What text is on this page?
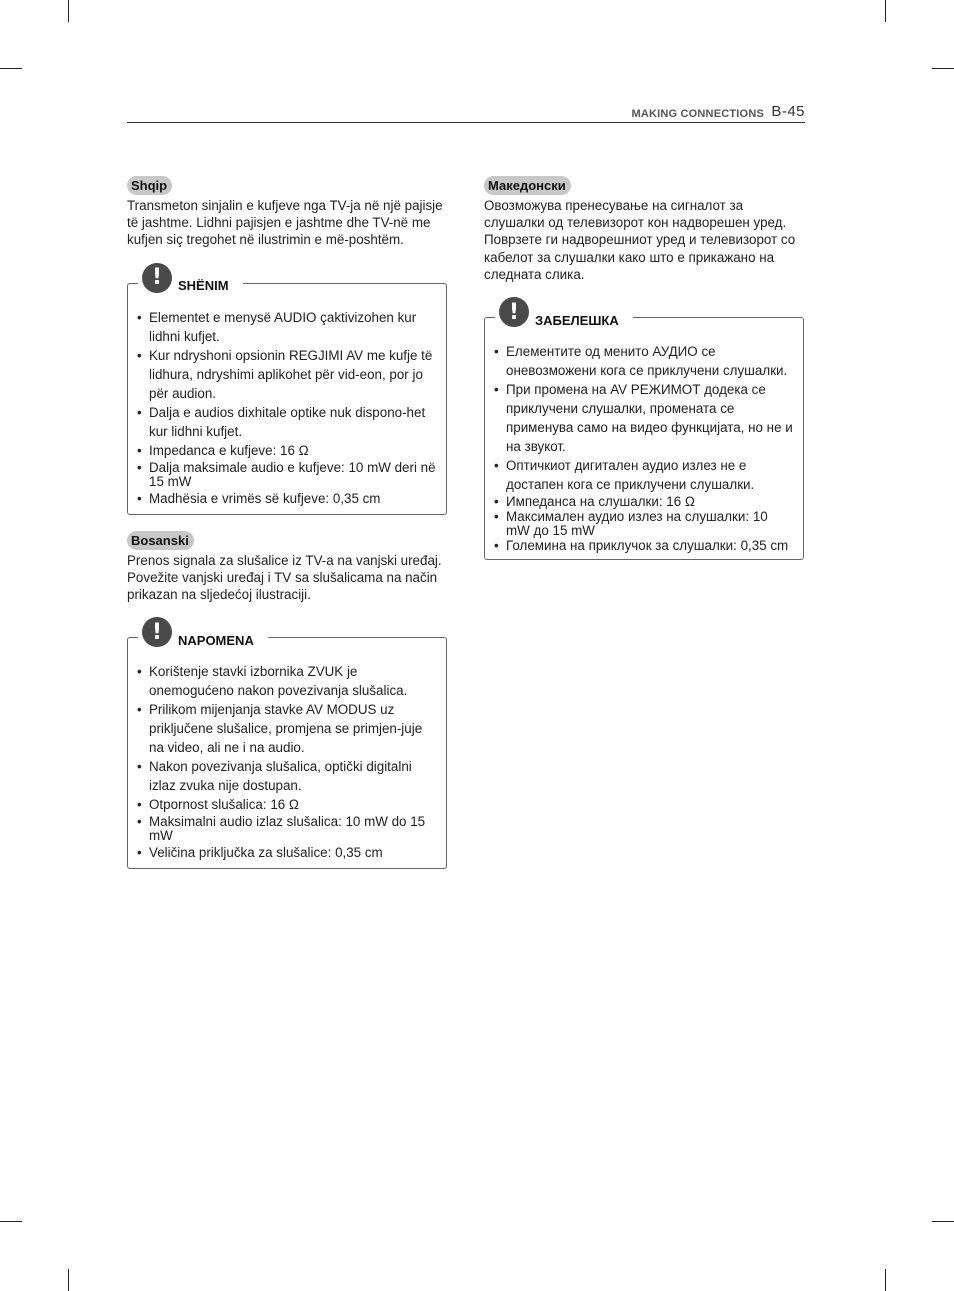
MAKING CONNECTIONS B-45
Shqip

Transmeton sinjalin e kufjeve nga TV-ja në një pajisje të jashtme. Lidhni pajisjen e jashtme dhe TV-në me kufjen siç tregohet në ilustrimin e më-poshtëm.

!	SHËNIM
• Elementet e menysë AUDIO çaktivizohen kur lidhni kufjet.
• Kur ndryshoni opsionin REGJIMI AV me kufje të lidhura, ndryshimi aplikohet për vid-eon, por jo për audion.
• Dalja e audios dixhitale optike nuk dispono-het kur lidhni kufjet.
• Impedanca e kufjeve: 16 Ω
• Dalja maksimale audio e kufjeve: 10 mW deri në 15 mW
• Madhësia e vrimës së kufjeve: 0,35 cm
Bosanski

Prenos signala za slušalice iz TV-a na vanjski uređaj. Povežite vanjski uređaj i TV sa slušalicama na način prikazan na sljedećoj ilustraciji.

!	NAPOMENA
• Korištenje stavki izbornika ZVUK je onemogućeno nakon povezivanja slušalica.
• Prilikom mijenjanja stavke AV MODUS uz priključene slušalice, promjena se primjen-juje na video, ali ne i na audio.
• Nakon povezivanja slušalica, optički digitalni izlaz zvuka nije dostupan.
• Otpornost slušalica: 16 Ω
• Maksimalni audio izlaz slušalica: 10 mW do 15 mW
• Veličina priključka za slušalice: 0,35 cm
Македонски

Овозможува пренесување на сигналот за слушалки од телевизорот кон надворешен уред. Поврзете ги надворешниот уред и телевизорот со кабелот за слушалки како што е прикажано на следната слика.

!	ЗАБЕЛЕШКА
• Елементите од менито АУДИО се оневозможени кога се приклучени слушалки.
• При промена на AV РЕЖИМОТ додека се приклучени слушалки, промената се применува само на видео функцијата, но не и на звукот.
• Оптичкиот дигитален аудио излез не е достапен кога се приклучени слушалки.
• Импеданса на слушалки: 16 Ω
• Максимален аудио излез на слушалки: 10 mW до 15 mW
• Големина на приклучок за слушалки: 0,35 cm
